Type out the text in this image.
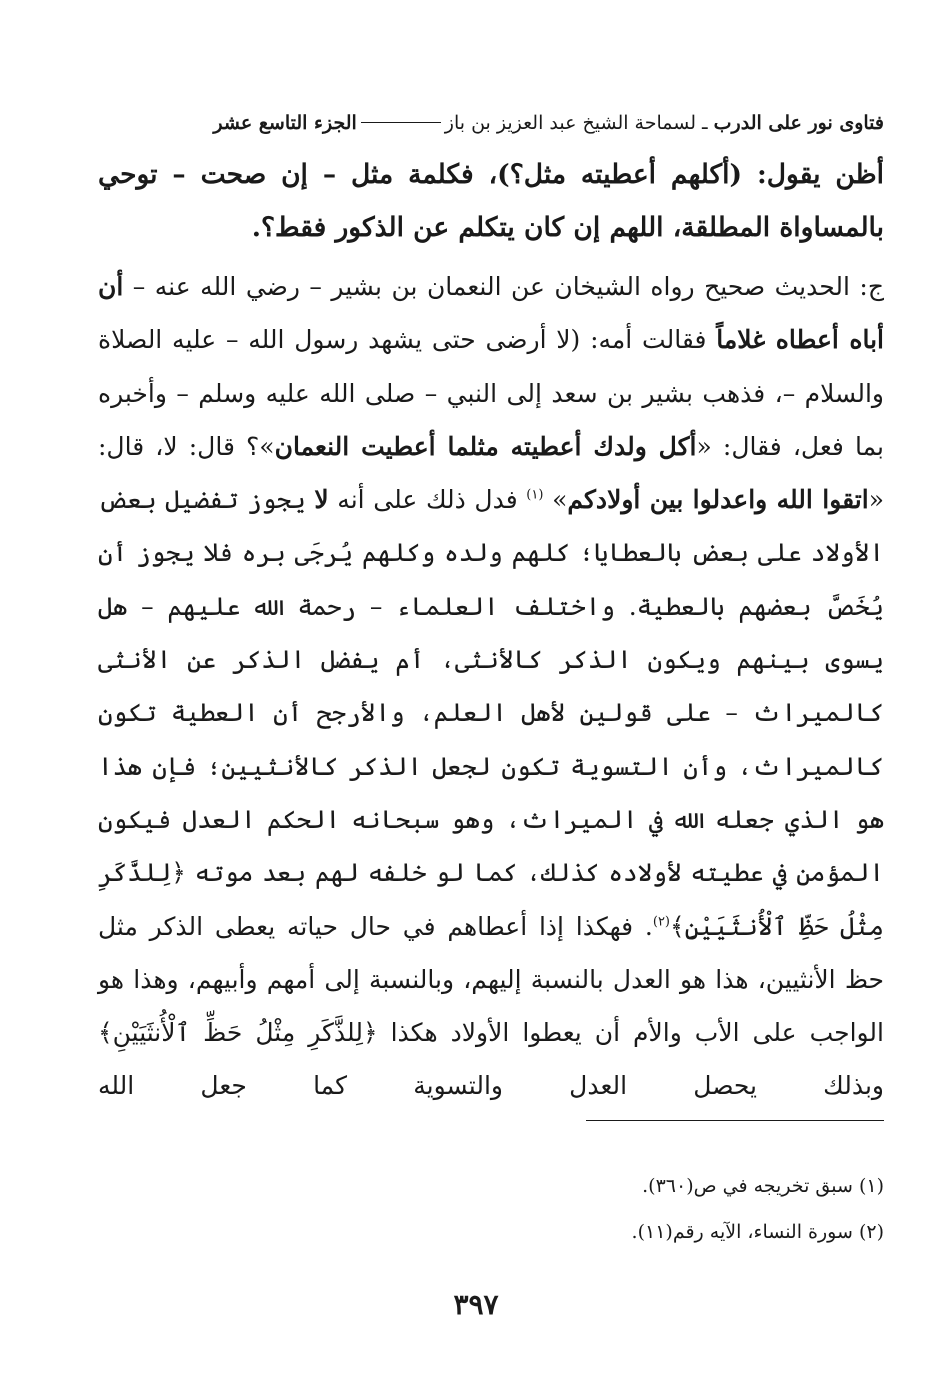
فتاوى نور على الدرب
ـ
لسماحة الشيخ عبد العزيز بن باز
الجزء التاسع عشر

أظن يقول: (أكلهم أعطيته مثل؟)، فكلمة مثل – إن صحت – توحي بالمساواة المطلقة، اللهم إن كان يتكلم عن الذكور فقط؟.

ج: الحديث صحيح رواه الشيخان عن النعمان بن بشير – رضي الله عنه – أن أباه أعطاه غلاماً فقالت أمه: (لا أرضى حتى يشهد رسول الله – عليه الصلاة والسلام –، فذهب بشير بن سعد إلى النبي – صلى الله عليه وسلم – وأخبره بما فعل، فقال: «أكل ولدك أعطيته مثلما أعطيت النعمان»؟ قال: لا، قال: «اتقوا الله واعدلوا بين أولادكم» $^{(١)}$ فدل ذلك على أنه لا يجوز تفضيل بعض الأولاد على بعض بالعطايا؛ كلهم ولده وكلهم يُرجَى بره فلا يجوز أن يُخَصَّ بعضهم بالعطية. واختلف العلماء – رحمة الله عليهم – هل يسوى بينهم ويكون الذكر كالأنثى، أم يفضل الذكر عن الأنثى كالميراث – على قولين لأهل العلم، والأرجح أن العطية تكون كالميراث، وأن التسوية تكون لجعل الذكر كالأنثيين؛ فإن هذا هو الذي جعله الله في الميراث، وهو سبحانه الحكم العدل فيكون المؤمن في عطيته لأولاده كذلك، كما لو خلفه لهم بعد موته ﴿لِلذَّكَرِ مِثْلُ حَظِّ ٱلْأُنثَيَيْنِ﴾$^{(٢)}$. فهكذا إذا أعطاهم في حال حياته يعطى الذكر مثل حظ الأنثيين، هذا هو العدل بالنسبة إليهم، وبالنسبة إلى أمهم وأبيهم، وهذا هو الواجب على الأب والأم أن يعطوا الأولاد هكذا ﴿لِلذَّكَرِ مِثْلُ حَظِّ ٱلْأُنثَيَيْنِ﴾ وبذلك يحصل العدل والتسوية كما جعل الله

(١) سبق تخريجه في ص(٣٦٠).
(٢) سورة النساء، الآيه رقم(١١).
٣٩٧
